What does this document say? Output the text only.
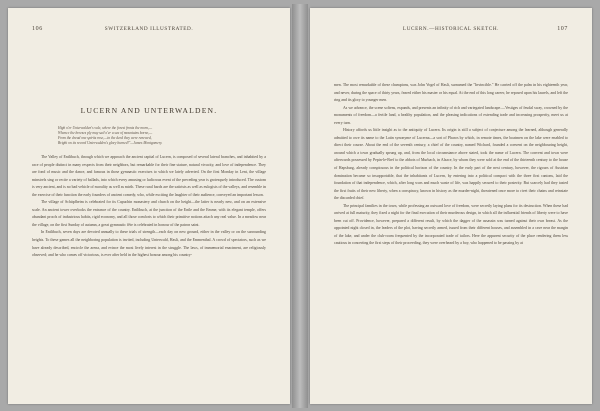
106	SWITZERLAND ILLUSTRATED.
LUCERN AND UNTERWALDEN.
High o'er Unterwalden's vale, where the forest fronts the morn,—
Whence the breezes ply may sail o'er a sea of mountains borne,—
From the dread one spirits rose,—in the deed they were renewed,
Bright on its record Unterwalden's glory burned!"—James Montgomery.

The Valley of Entlibuch, through which we approach the ancient capital of Lucern, is composed of several lateral branches, and inhabited by a race of people distinct in many respects from their neighbors, but remarkable for their fine stature, natural vivacity, and love of independence. They are fond of music and the dance, and famous in those gymnastic exercises to which we lately adverted. On the first Monday in Lent, the village minstrels sing or recite a variety of ballads, into which every amusing or ludicrous event of the preceding year is grotesquely introduced. The custom is very ancient, and is no bad vehicle of morality as well as mirth. These rural bards are the satirists as well as eulogists of the valleys, and resemble in the exercise of their function the early founders of ancient comedy, who, while exciting the laughter of their audience, conveyed an important lesson.

The village of Schüpfheim is celebrated for its Capuchin monastery and church on the height—the latter is nearly new, and on an extensive scale. An ancient tower overlooks the entrance of the country. Entlibuch, at the junction of the Entle and the Emme, with its elegant temple, offers abundant proofs of industrious habits, rigid economy, and all those comforts to which their primitive notions attach any real value. In a meadow near the village, on the first Sunday of autumn, a great gymnastic fête is celebrated in honour of the patron saint.

In Entlibuch, seven days are devoted annually to these trials of strength—each day on new ground, either in the valley or on the surrounding heights. To these games all the neighboring population is invited, including Unterwald, Hasli, and the Emmenthal. A crowd of spectators, such as we have already described, encircle the arena, and evince the most lively interest in the struggle. The laws, of immemorial enactment, are religiously observed; and he who comes off victorious, is ever after held in the highest honour among his country-

LUCERN.—HISTORICAL SKETCH.	107

men. The most remarkable of these champions, was John Vogel of Hasli, surnamed the "Invincible." He carried off the palm in his eighteenth year, and never, during the space of thirty years, feared either his master or his equal. At the end of this long career, he reposed upon his laurels, and left the ring and its glory to younger men.

As we advance, the scene softens, expands, and presents an infinity of rich and variegated landscape.—Vestiges of feudal sway, crowned by the monuments of freedom—a fertile land, a healthy population, and the pleasing indications of extending trade and increasing prosperity, meet us at every turn.

History affords us little insight as to the antiquity of Lucern. Its origin is still a subject of conjecture among the learned, although generally admitted to owe its name to the Latin synonyme of Lucerna—a sort of Pharos by which, in remote times, the boatmen on the lake were enabled to direct their course. About the end of the seventh century, a chief of the country, named Wichard, founded a convent on the neighbouring height, around which a town gradually sprung up, and, from the local circumstance above stated, took the name of Lucern. The convent and town were afterwards possessed by Pepin-le-Bref to the abbots of Murbach, in Alsace, by whom they were sold at the end of the thirteenth century to the house of Hapsburg, already conspicuous in the political horizon of the country. In the early part of the next century, however, the rigours of Austrian domination became so insupportable, that the inhabitants of Lucern, by entering into a political compact with the three first cantons, laid the foundation of that independence, which, after long wars and much waste of life, was happily secured to their posterity. But scarcely had they tasted the first fruits of their new liberty, when a conspiracy, known in history as the murder-night, threatened once more to rivet their chains and reinstate the discarded chief.

The principal families in the town, while professing an outward love of freedom, were secretly laying plans for its destruction. When these had arrived at full maturity, they fixed a night for the final execution of their murderous design, in which all the influential friends of liberty were to have been cut off. Providence, however, prepared a different result, by which the dagger of the assassin was turned against their own breast. As the appointed night closed in, the leaders of the plot, having secretly armed, issued from their different houses, and assembled in a cave near the margin of the lake, and under the club-room frequented by the incorporated trade of tailors. Here the apparent security of the place rendering them less cautious in concerting the first steps of their proceeding, they were overheard by a boy, who happened to be passing by at
